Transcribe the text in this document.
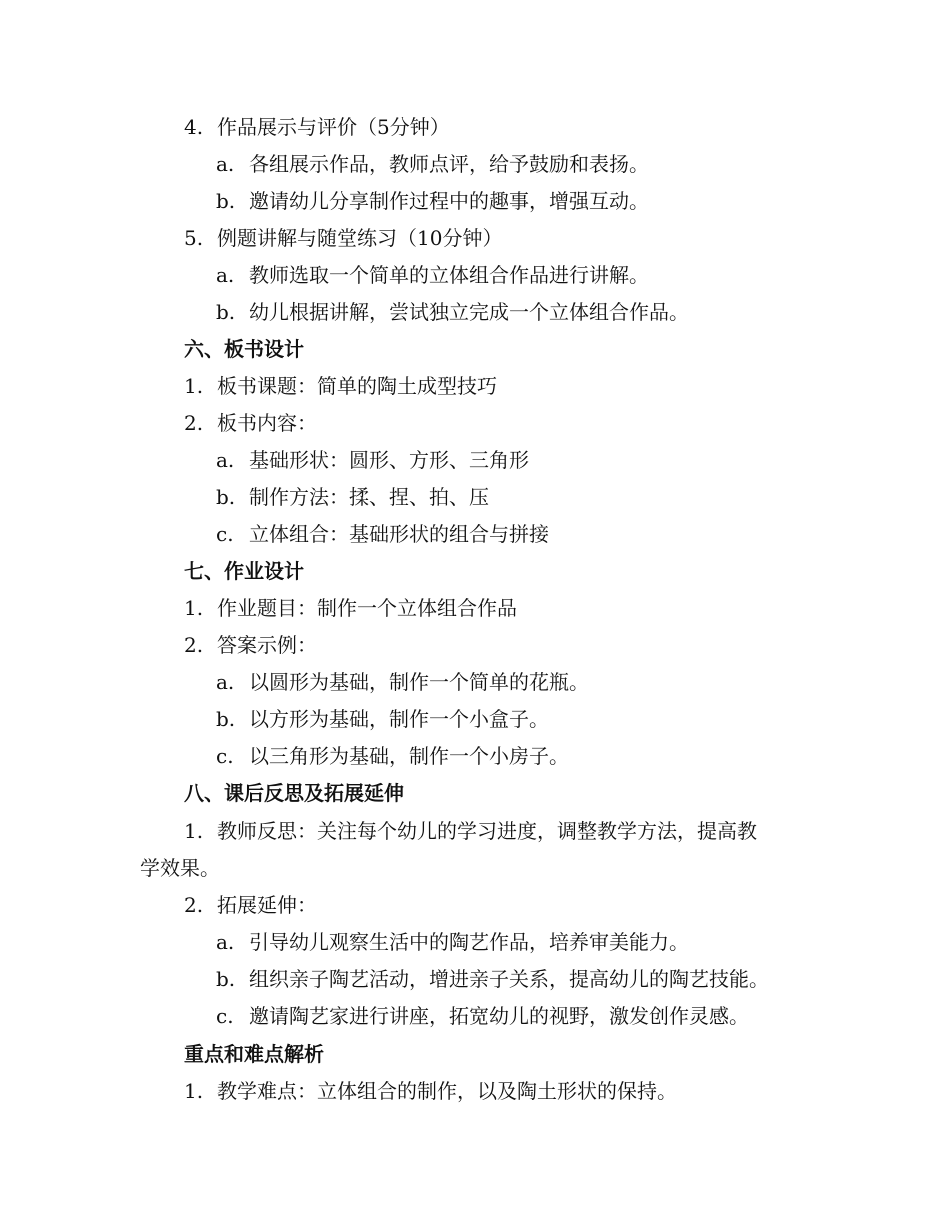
4. 作品展示与评价（5分钟）
a. 各组展示作品，教师点评，给予鼓励和表扬。
b. 邀请幼儿分享制作过程中的趣事，增强互动。
5. 例题讲解与随堂练习（10分钟）
a. 教师选取一个简单的立体组合作品进行讲解。
b. 幼儿根据讲解，尝试独立完成一个立体组合作品。
六、板书设计
1. 板书课题：简单的陶土成型技巧
2. 板书内容：
a. 基础形状：圆形、方形、三角形
b. 制作方法：揉、捏、拍、压
c. 立体组合：基础形状的组合与拼接
七、作业设计
1. 作业题目：制作一个立体组合作品
2. 答案示例：
a. 以圆形为基础，制作一个简单的花瓶。
b. 以方形为基础，制作一个小盒子。
c. 以三角形为基础，制作一个小房子。
八、课后反思及拓展延伸
1. 教师反思：关注每个幼儿的学习进度，调整教学方法，提高教
学效果。
2. 拓展延伸：
a. 引导幼儿观察生活中的陶艺作品，培养审美能力。
b. 组织亲子陶艺活动，增进亲子关系，提高幼儿的陶艺技能。
c. 邀请陶艺家进行讲座，拓宽幼儿的视野，激发创作灵感。
重点和难点解析
1. 教学难点：立体组合的制作，以及陶土形状的保持。
